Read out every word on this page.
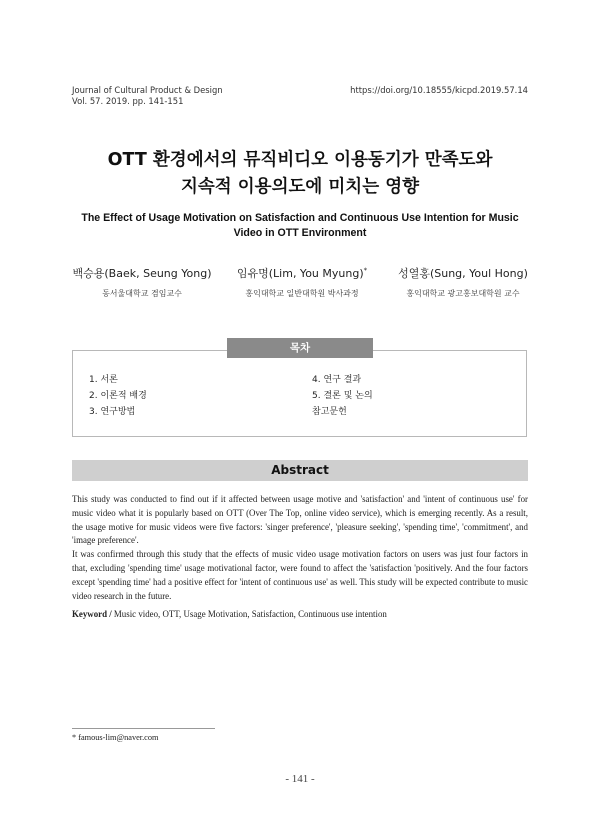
Journal of Cultural Product & Design
Vol. 57. 2019. pp. 141-151
https://doi.org/10.18555/kicpd.2019.57.14
OTT 환경에서의 뮤직비디오 이용동기가 만족도와
지속적 이용의도에 미치는 영향
The Effect of Usage Motivation on Satisfaction and Continuous Use Intention for Music Video in OTT Environment
백승용(Baek, Seung Yong)
동서울대학교 겸임교수
임유명(Lim, You Myung)*
홍익대학교 일반대학원 박사과정
성열홍(Sung, Youl Hong)
홍익대학교 광고홍보대학원 교수
목차
1. 서론
2. 이론적 배경
3. 연구방법
4. 연구 결과
5. 결론 및 논의
참고문헌
Abstract

This study was conducted to find out if it affected between usage motive and 'satisfaction' and 'intent of continuous use' for music video what it is popularly based on OTT (Over The Top, online video service), which is emerging recently. As a result, the usage motive for music videos were five factors: 'singer preference', 'pleasure seeking', 'spending time', 'commitment', and 'image preference'.

It was confirmed through this study that the effects of music video usage motivation factors on users was just four factors in that, excluding 'spending time' usage motivational factor, were found to affect the 'satisfaction 'positively. And the four factors except 'spending time' had a positive effect for 'intent of continuous use' as well. This study will be expected contribute to music video research in the future.

Keyword / Music video, OTT, Usage Motivation, Satisfaction, Continuous use intention
* famous-lim@naver.com
- 141 -
